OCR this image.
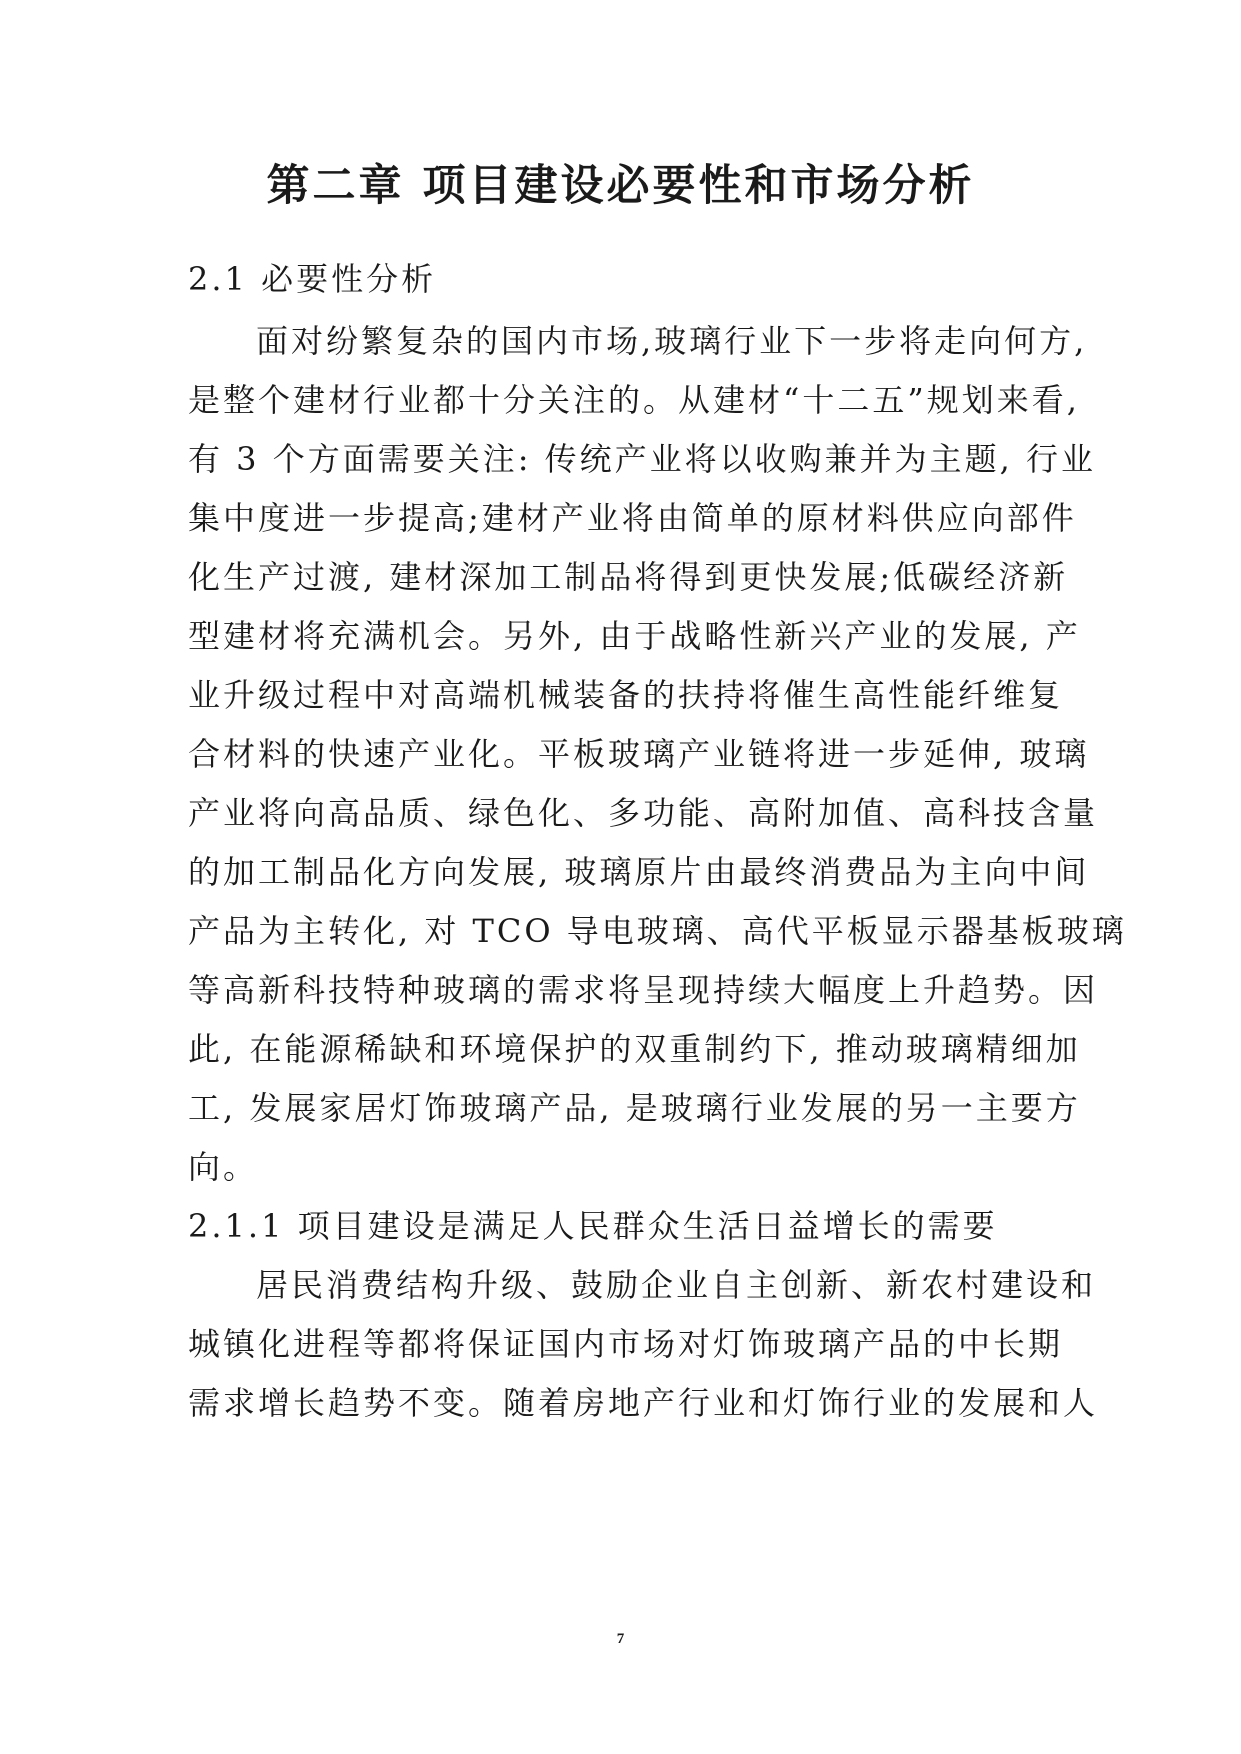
第二章 项目建设必要性和市场分析

2.1 必要性分析

面对纷繁复杂的国内市场,玻璃行业下一步将走向何方,

是整个建材行业都十分关注的。从建材“十二五”规划来看,

有 3 个方面需要关注: 传统产业将以收购兼并为主题, 行业

集中度进一步提高;建材产业将由简单的原材料供应向部件

化生产过渡, 建材深加工制品将得到更快发展;低碳经济新

型建材将充满机会。另外, 由于战略性新兴产业的发展, 产

业升级过程中对高端机械装备的扶持将催生高性能纤维复

合材料的快速产业化。平板玻璃产业链将进一步延伸, 玻璃

产业将向高品质、绿色化、多功能、高附加值、高科技含量

的加工制品化方向发展, 玻璃原片由最终消费品为主向中间

产品为主转化, 对 TCO 导电玻璃、高代平板显示器基板玻璃

等高新科技特种玻璃的需求将呈现持续大幅度上升趋势。因

此, 在能源稀缺和环境保护的双重制约下, 推动玻璃精细加

工, 发展家居灯饰玻璃产品, 是玻璃行业发展的另一主要方

向。

2.1.1 项目建设是满足人民群众生活日益增长的需要

居民消费结构升级、鼓励企业自主创新、新农村建设和

城镇化进程等都将保证国内市场对灯饰玻璃产品的中长期

需求增长趋势不变。随着房地产行业和灯饰行业的发展和人

7
